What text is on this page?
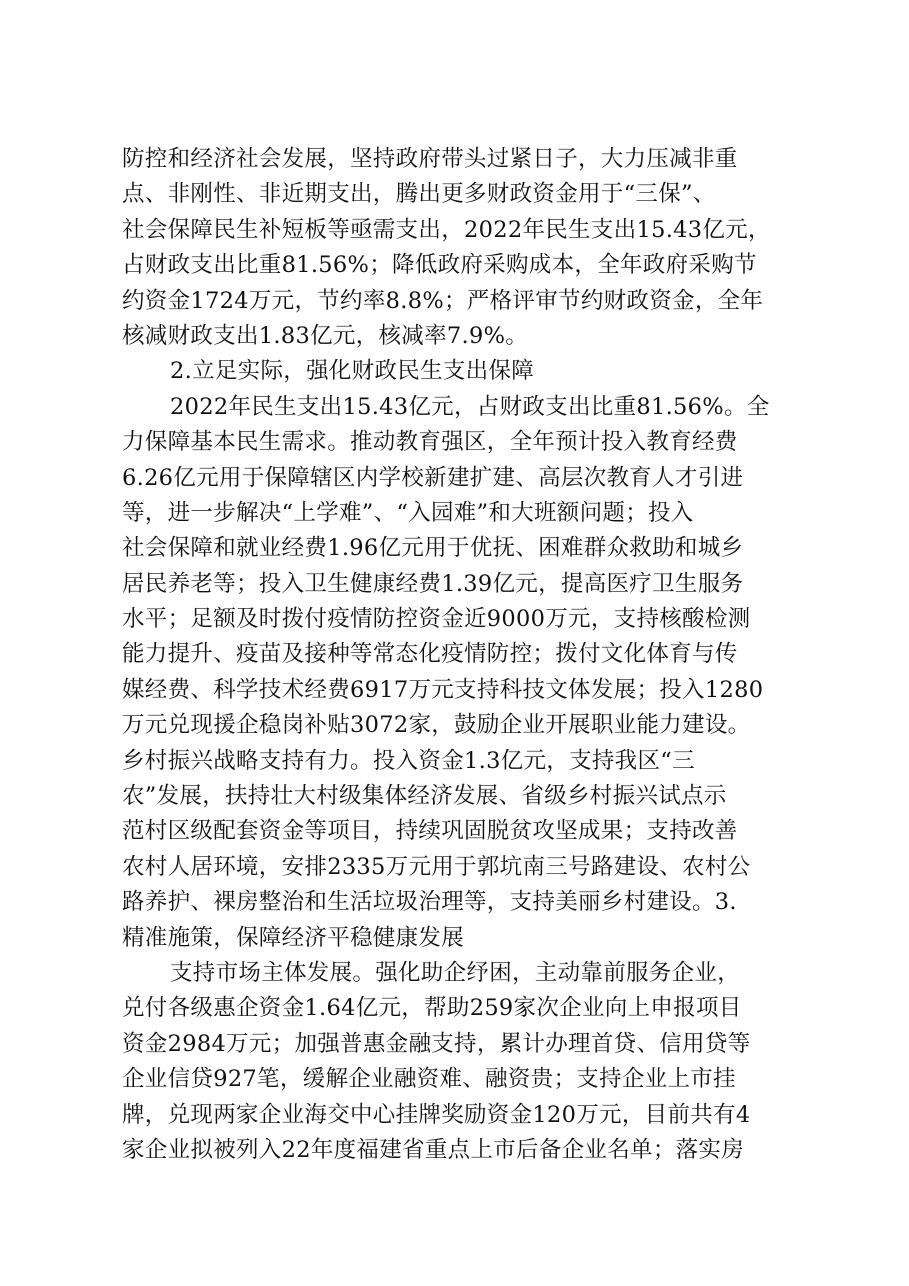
防控和经济社会发展，坚持政府带头过紧日子，大力压减非重
点、非刚性、非近期支出，腾出更多财政资金用于“三保”、
社会保障民生补短板等亟需支出，2022年民生支出15.43亿元，
占财政支出比重81.56%；降低政府采购成本，全年政府采购节
约资金1724万元，节约率8.8%；严格评审节约财政资金，全年
核减财政支出1.83亿元，核减率7.9%。
2.立足实际，强化财政民生支出保障
2022年民生支出15.43亿元，占财政支出比重81.56%。全
力保障基本民生需求。推动教育强区，全年预计投入教育经费
6.26亿元用于保障辖区内学校新建扩建、高层次教育人才引进
等，进一步解决“上学难”、“入园难”和大班额问题；投入
社会保障和就业经费1.96亿元用于优抚、困难群众救助和城乡
居民养老等；投入卫生健康经费1.39亿元，提高医疗卫生服务
水平；足额及时拨付疫情防控资金近9000万元，支持核酸检测
能力提升、疫苗及接种等常态化疫情防控；拨付文化体育与传
媒经费、科学技术经费6917万元支持科技文体发展；投入1280
万元兑现援企稳岗补贴3072家，鼓励企业开展职业能力建设。
乡村振兴战略支持有力。投入资金1.3亿元，支持我区“三
农”发展，扶持壮大村级集体经济发展、省级乡村振兴试点示
范村区级配套资金等项目，持续巩固脱贫攻坚成果；支持改善
农村人居环境，安排2335万元用于郭坑南三号路建设、农村公
路养护、裸房整治和生活垃圾治理等，支持美丽乡村建设。3.
精准施策，保障经济平稳健康发展
支持市场主体发展。强化助企纾困，主动靠前服务企业，
兑付各级惠企资金1.64亿元，帮助259家次企业向上申报项目
资金2984万元；加强普惠金融支持，累计办理首贷、信用贷等
企业信贷927笔，缓解企业融资难、融资贵；支持企业上市挂
牌，兑现两家企业海交中心挂牌奖励资金120万元，目前共有4
家企业拟被列入22年度福建省重点上市后备企业名单；落实房
